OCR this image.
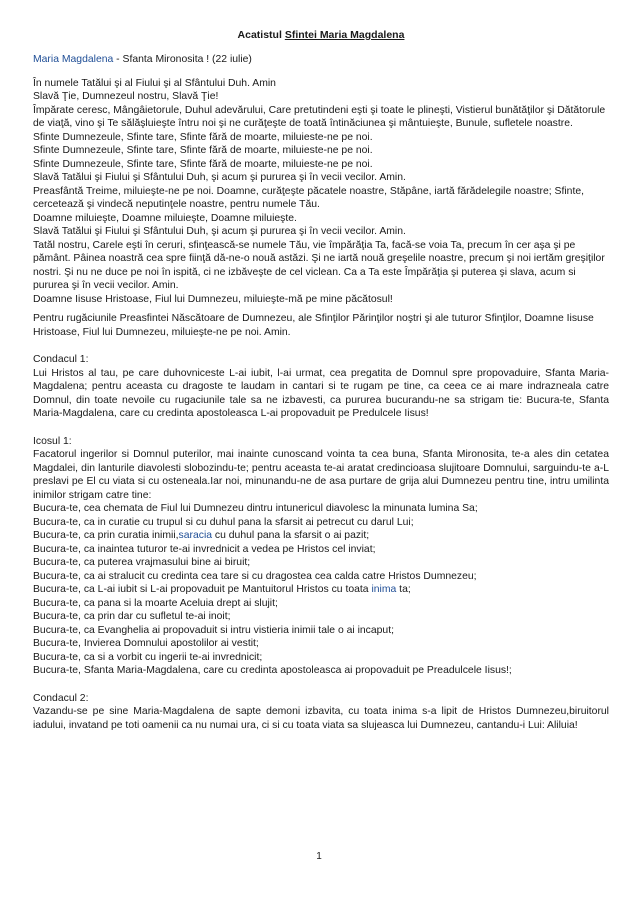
Acatistul Sfintei Maria Magdalena

Maria Magdalena - Sfanta Mironosita ! (22 iulie)

În numele Tatălui şi al Fiului şi al Sfântului Duh. Amin

Slavă Ţie, Dumnezeul nostru, Slavă Ţie!

Împărate ceresc, Mângâietorule, Duhul adevărului, Care pretutindeni eşti şi toate le plineşti, Vistierul bunătăţilor şi Dătătorule de viaţă, vino şi Te sălăşluieşte întru noi şi ne curăţeşte de toată întinăciunea şi mântuieşte, Bunule, sufletele noastre.

Sfinte Dumnezeule, Sfinte tare, Sfinte fără de moarte, miluieste-ne pe noi.

Sfinte Dumnezeule, Sfinte tare, Sfinte fără de moarte, miluieste-ne pe noi.

Sfinte Dumnezeule, Sfinte tare, Sfinte fără de moarte, miluieste-ne pe noi.

Slavă Tatălui şi Fiului şi Sfântului Duh, şi acum şi pururea şi în vecii vecilor. Amin.

Preasfântă Treime, miluieşte-ne pe noi. Doamne, curăţeşte păcatele noastre, Stăpâne, iartă fărădelegile noastre; Sfinte, cercetează şi vindecă neputinţele noastre, pentru numele Tău.

Doamne miluieşte, Doamne miluieşte, Doamne miluieşte.

Slavă Tatălui şi Fiului şi Sfântului Duh, şi acum şi pururea şi în vecii vecilor. Amin.

Tatăl nostru, Carele eşti în ceruri, sfinţească-se numele Tău, vie împărăţia Ta, facă-se voia Ta, precum în cer aşa şi pe pământ. Pâinea noastră cea spre fiinţă dă-ne-o nouă astăzi. Şi ne iartă nouă greşelile noastre, precum şi noi iertăm greşiţilor nostri. Şi nu ne duce pe noi în ispită, ci ne izbăveşte de cel viclean. Ca a Ta este Împărăţia şi puterea şi slava, acum si pururea şi în vecii vecilor. Amin.

Doamne Iisuse Hristoase, Fiul lui Dumnezeu, miluieşte-mă pe mine păcătosul!

Pentru rugăciunile Preasfintei Născătoare de Dumnezeu, ale Sfinţilor Părinţilor noştri şi ale tuturor Sfinţilor, Doamne Iisuse Hristoase, Fiul lui Dumnezeu, miluieşte-ne pe noi. Amin.

Condacul 1:

Lui Hristos al tau, pe care duhovniceste L-ai iubit, l-ai urmat, cea pregatita de Domnul spre propovaduire, Sfanta Maria-Magdalena; pentru aceasta cu dragoste te laudam in cantari si te rugam pe tine, ca ceea ce ai mare indrazneala catre Domnul, din toate nevoile cu rugaciunile tale sa ne izbavesti, ca pururea bucurandu-ne sa strigam tie: Bucura-te, Sfanta Maria-Magdalena, care cu credinta apostoleasca L-ai propovaduit pe Predulcele Iisus!

Icosul 1:

Facatorul ingerilor si Domnul puterilor, mai inainte cunoscand vointa ta cea buna, Sfanta Mironosita, te-a ales din cetatea Magdalei, din lanturile diavolesti slobozindu-te; pentru aceasta te-ai aratat credincioasa slujitoare Domnului, sarguindu-te a-L preslavi pe El cu viata si cu osteneala.Iar noi, minunandu-ne de asa purtare de grija alui Dumnezeu pentru tine, intru umilinta inimilor strigam catre tine:

Bucura-te, cea chemata de Fiul lui Dumnezeu dintru intunericul diavolesc la minunata lumina Sa;

Bucura-te, ca in curatie cu trupul si cu duhul pana la sfarsit ai petrecut cu darul Lui;

Bucura-te, ca prin curatia inimii,saracia cu duhul pana la sfarsit o ai pazit;

Bucura-te, ca inaintea tuturor te-ai invrednicit a vedea pe Hristos cel inviat;

Bucura-te, ca puterea vrajmasului bine ai biruit;

Bucura-te, ca ai stralucit cu credinta cea tare si cu dragostea cea calda catre Hristos Dumnezeu;

Bucura-te, ca L-ai iubit si L-ai propovaduit pe Mantuitorul Hristos cu toata inima ta;

Bucura-te, ca pana si la moarte Aceluia drept ai slujit;

Bucura-te, ca prin dar cu sufletul te-ai inoit;

Bucura-te, ca Evanghelia ai propovaduit si intru vistieria inimii tale o ai incaput;

Bucura-te, Invierea Domnului apostolilor ai vestit;

Bucura-te, ca si a vorbit cu ingerii te-ai invrednicit;

Bucura-te, Sfanta Maria-Magdalena, care cu credinta apostoleasca ai propovaduit pe Preadulcele Iisus!;

Condacul 2:

Vazandu-se pe sine Maria-Magdalena de sapte demoni izbavita, cu toata inima s-a lipit de Hristos Dumnezeu,biruitorul iadului, invatand pe toti oamenii ca nu numai ura, ci si cu toata viata sa slujeasca lui Dumnezeu, cantandu-i Lui: Aliluia!

1
